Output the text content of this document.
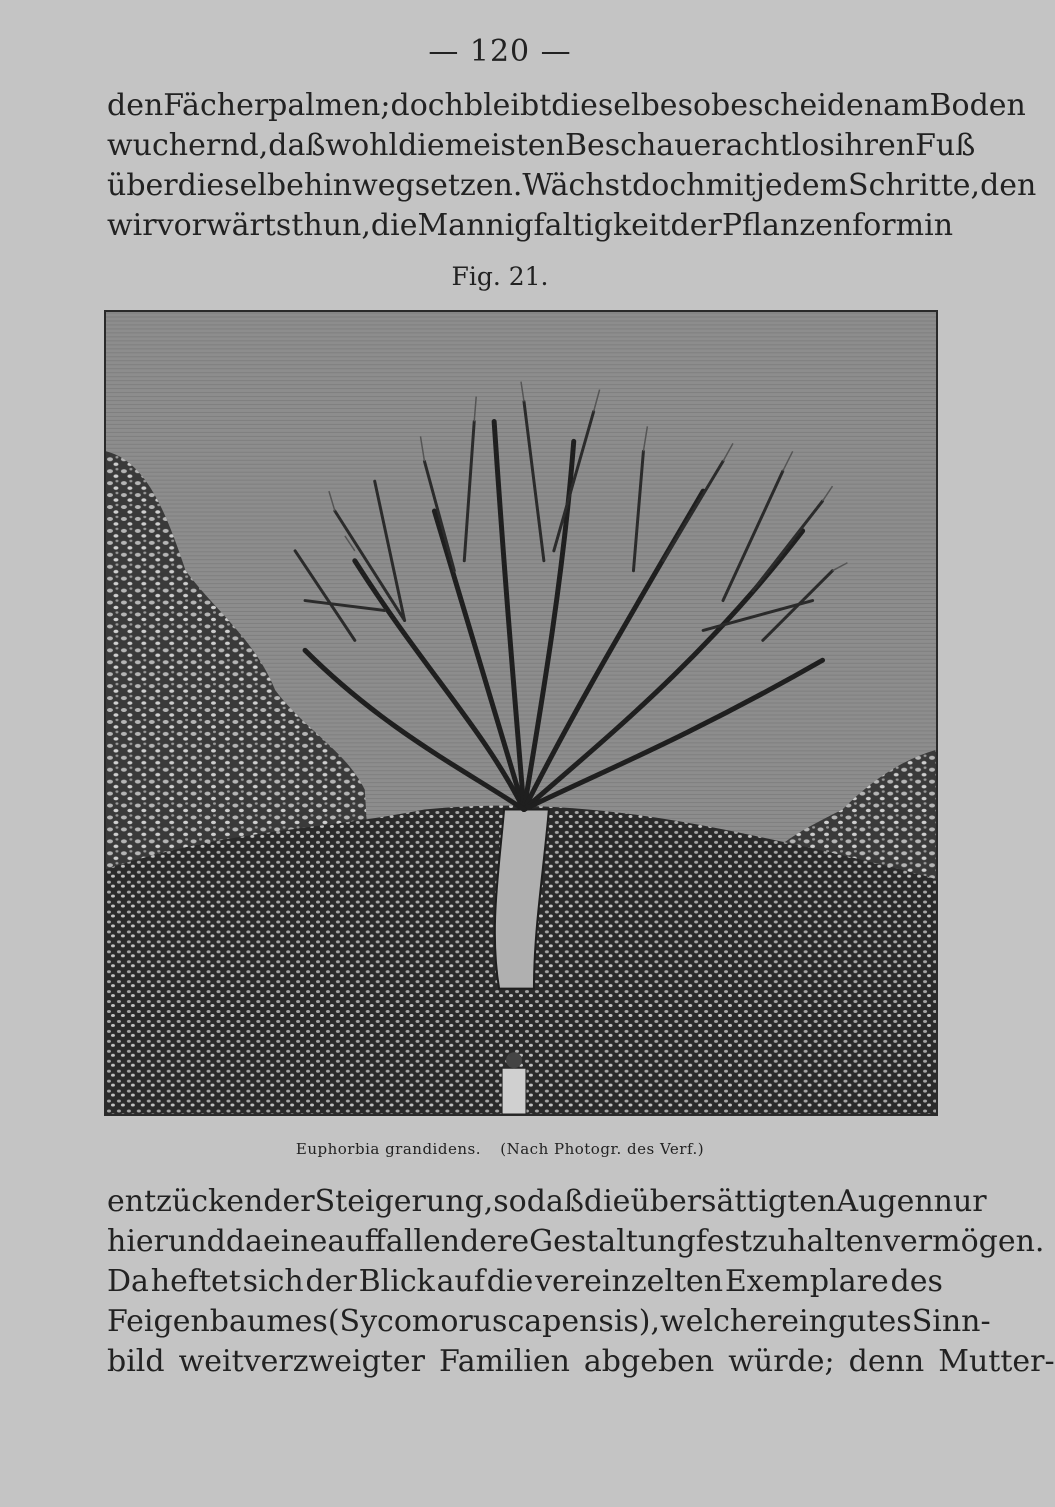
— 120 —
den Fächerpalmen; doch bleibt dieselbe so bescheiden am Boden
wuchernd, daß wohl die meisten Beschauer achtlos ihren Fuß
über dieselbe hinwegsetzen. Wächst doch mit jedem Schritte, den
wir vorwärts thun, die Mannigfaltigkeit der Pflanzenform in
Fig. 21.
Euphorbia grandidens. (Nach Photogr. des Verf.)
entzückender Steigerung, so daß die übersättigten Augen nur
hier und da eine auffallendere Gestaltung festzuhalten vermögen.
Da heftet sich der Blick auf die vereinzelten Exemplare des
Feigenbaumes (Sycomorus capensis), welcher ein gutes Sinn-
bild weitverzweigter Familien abgeben würde; denn Mutter-
